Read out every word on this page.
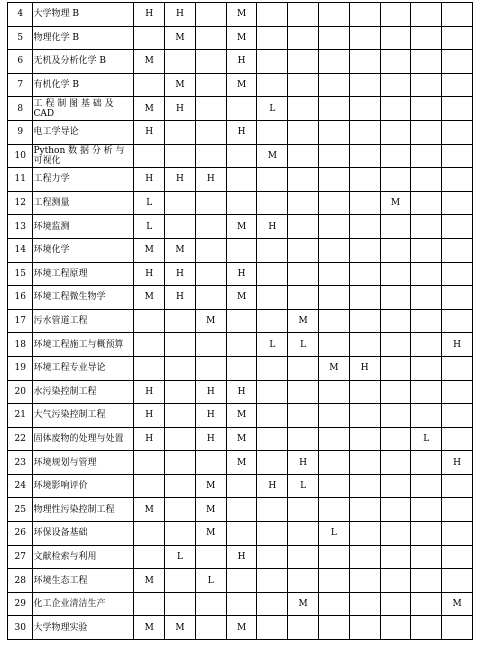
4	大学物理 B	H	H		M							
5	物理化学 B		M		M							
6	无机及分析化学 B	M			H							
7	有机化学 B		M		M							
8	工 程 制 图 基 础 及 CAD	M	H			L						
9	电工学导论	H			H							
10	Python 数 据 分 析 与 可视化					M						
11	工程力学	H	H	H								
12	工程测量	L								M		
13	环境监测	L			M	H						
14	环境化学	M	M									
15	环境工程原理	H	H		H							
16	环境工程微生物学	M	H		M							
17	污水管道工程			M			M					
18	环境工程施工与概预算					L	L					H
19	环境工程专业导论							M	H			
20	水污染控制工程	H		H	H							
21	大气污染控制工程	H		H	M							
22	固体废物的处理与处置	H		H	M						L	
23	环境规划与管理				M		H					H
24	环境影响评价			M		H	L					
25	物理性污染控制工程	M		M								
26	环保设备基础			M				L				
27	文献检索与利用		L		H							
28	环境生态工程	M		L								
29	化工企业清洁生产						M					M
30	大学物理实验	M	M		M							
